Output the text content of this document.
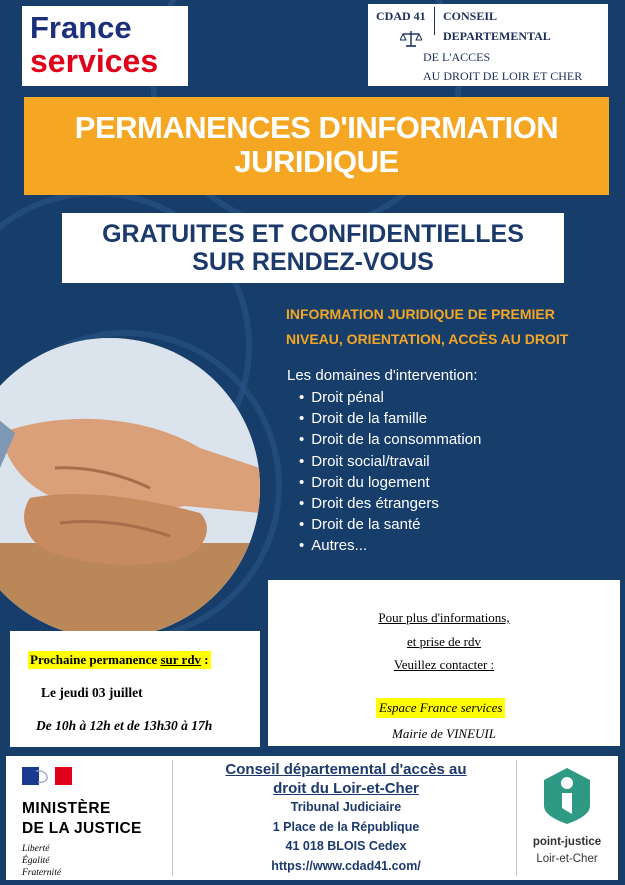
France
services
CDAD 41 CONSEIL
DEPARTEMENTAL
DE L'ACCES
AU DROIT DE LOIR ET CHER
PERMANENCES D'INFORMATION
JURIDIQUE
GRATUITES ET CONFIDENTIELLES
SUR RENDEZ-VOUS
INFORMATION JURIDIQUE DE PREMIER
NIVEAU, ORIENTATION, ACCÈS AU DROIT
Les domaines d'intervention:
• Droit pénal
• Droit de la famille
• Droit de la consommation
• Droit social/travail
• Droit du logement
• Droit des étrangers
• Droit de la santé
• Autres...
Pour plus d'informations,
et prise de rdv
Veuillez contacter :
Espace France services
Mairie de VINEUIL
Prochaine permanence sur rdv :
Le jeudi 03 juillet
De 10h à 12h et de 13h30 à 17h
MINISTÈRE
DE LA JUSTICE
Liberté
Égalité
Fraternité
Conseil départemental d'accès au
droit du Loir-et-Cher
Tribunal Judiciaire
1 Place de la République
41 018 BLOIS Cedex
https://www.cdad41.com/
point-justice
Loir-et-Cher
